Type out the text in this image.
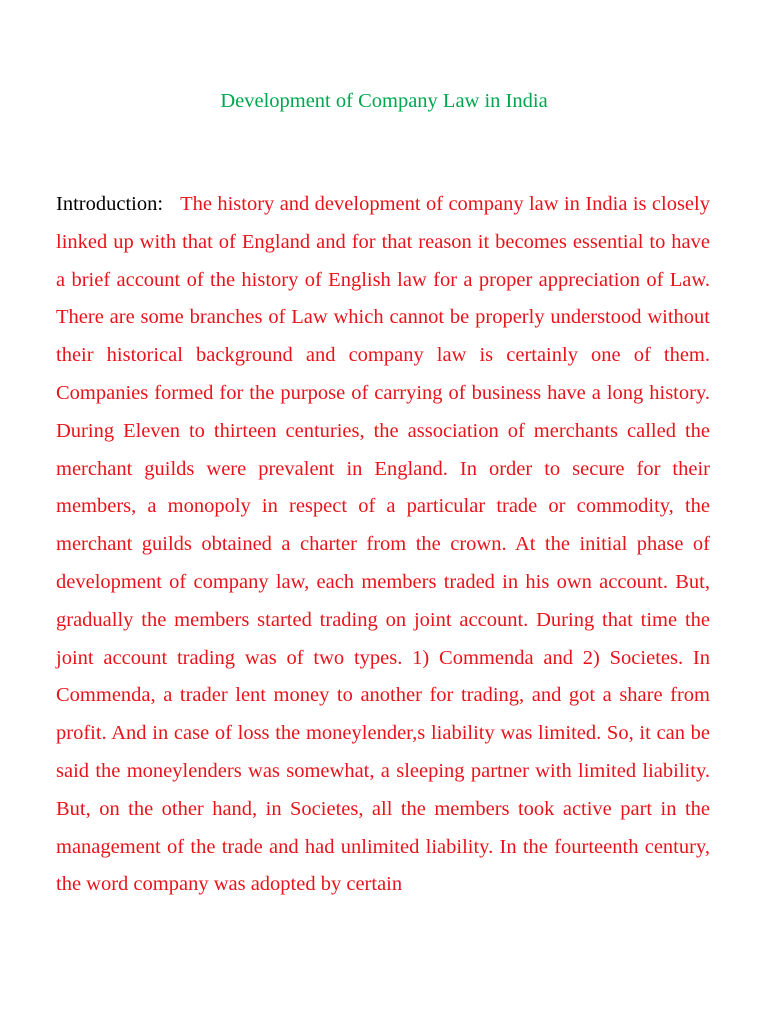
Development of Company Law in India
Introduction: The history and development of company law in India is closely linked up with that of England and for that reason it becomes essential to have a brief account of the history of English law for a proper appreciation of Law. There are some branches of Law which cannot be properly understood without their historical background and company law is certainly one of them. Companies formed for the purpose of carrying of business have a long history. During Eleven to thirteen centuries, the association of merchants called the merchant guilds were prevalent in England. In order to secure for their members, a monopoly in respect of a particular trade or commodity, the merchant guilds obtained a charter from the crown. At the initial phase of development of company law, each members traded in his own account. But, gradually the members started trading on joint account. During that time the joint account trading was of two types. 1) Commenda and 2) Societes. In Commenda, a trader lent money to another for trading, and got a share from profit. And in case of loss the moneylender,s liability was limited. So, it can be said the moneylenders was somewhat, a sleeping partner with limited liability. But, on the other hand, in Societes, all the members took active part in the management of the trade and had unlimited liability. In the fourteenth century, the word company was adopted by certain
